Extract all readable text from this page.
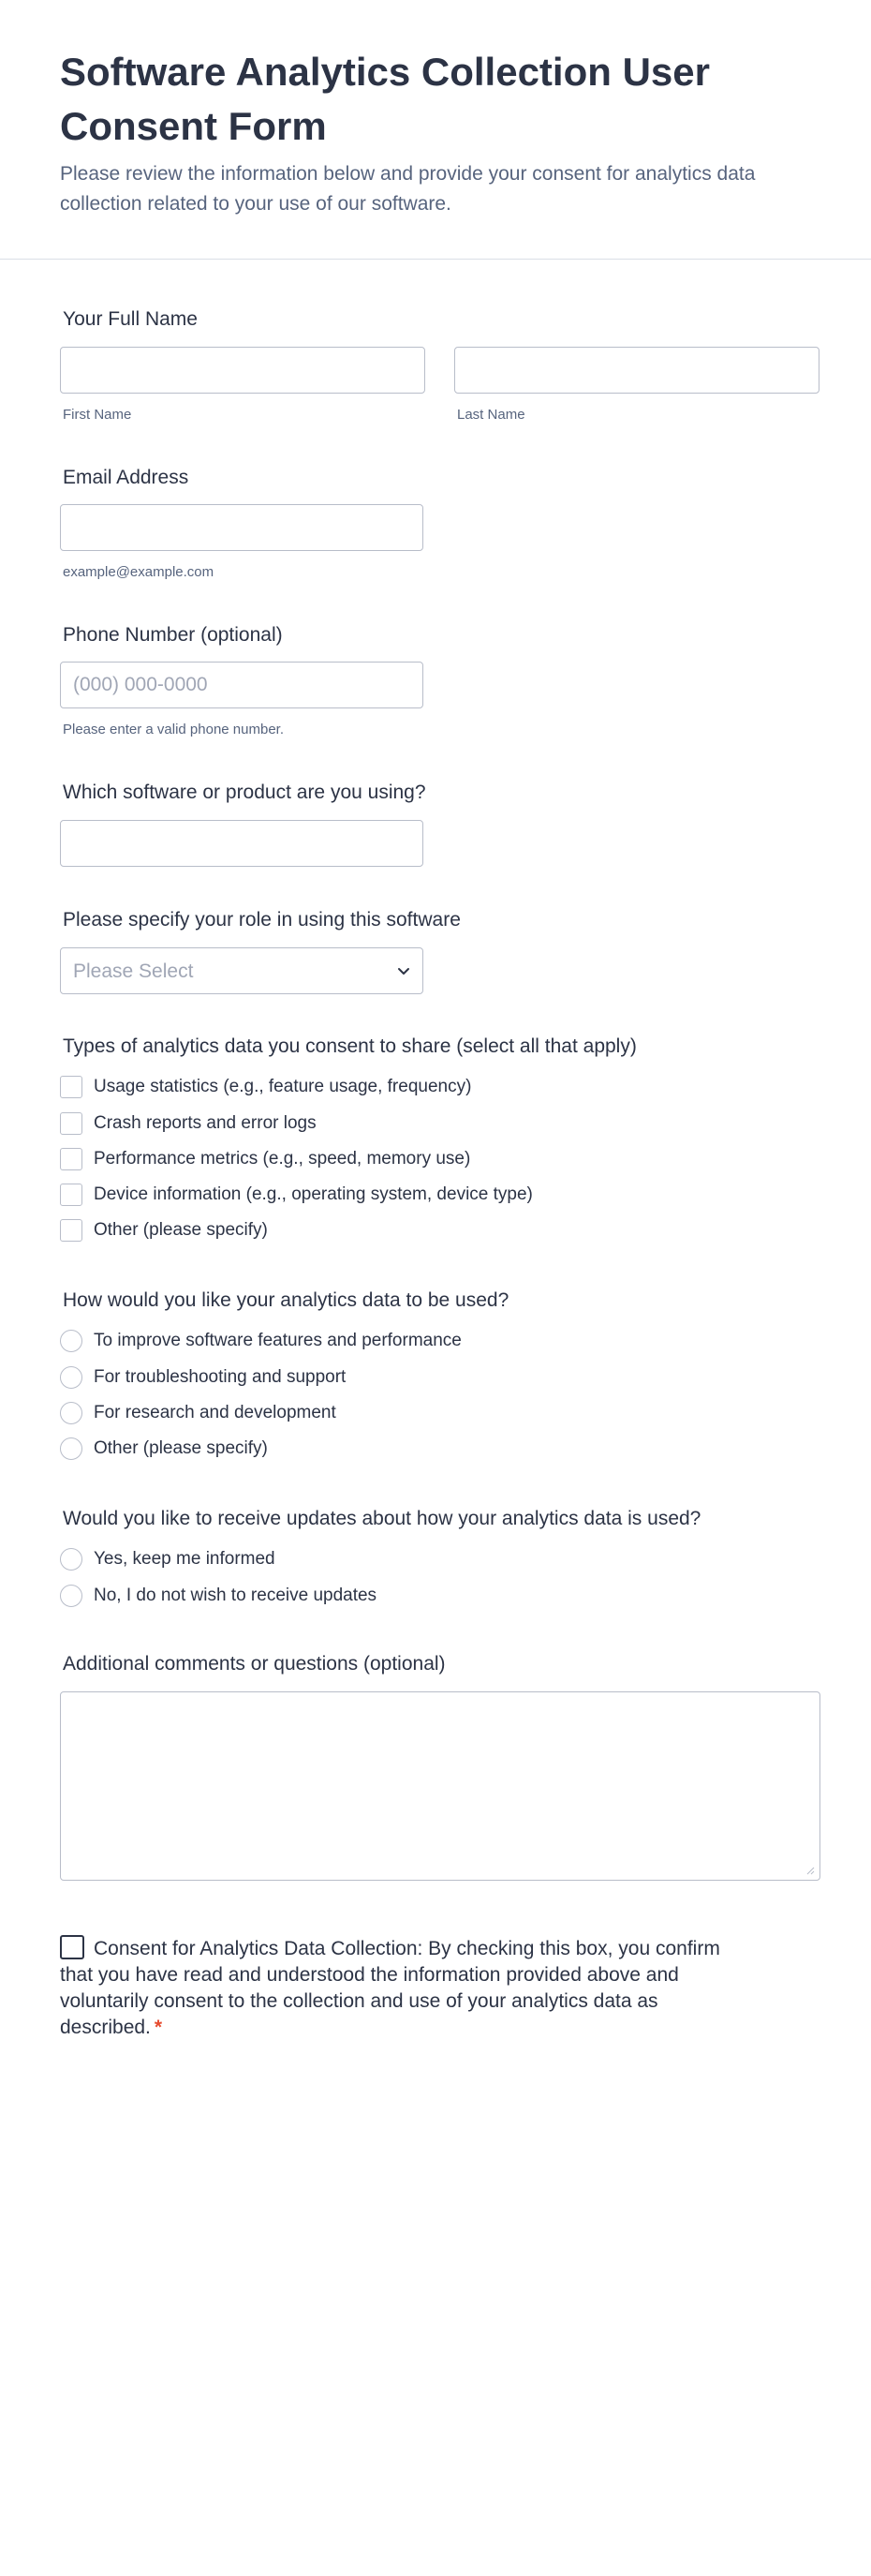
Software Analytics Collection User Consent Form

Please review the information below and provide your consent for analytics data collection related to your use of our software.

Your Full Name
First Name	Last Name
Email Address
example@example.com
Phone Number (optional)
(000) 000-0000
Please enter a valid phone number.
Which software or product are you using?
Please specify your role in using this software
Please Select
Types of analytics data you consent to share (select all that apply)
Usage statistics (e.g., feature usage, frequency)
Crash reports and error logs
Performance metrics (e.g., speed, memory use)
Device information (e.g., operating system, device type)
Other (please specify)
How would you like your analytics data to be used?
To improve software features and performance
For troubleshooting and support
For research and development
Other (please specify)
Would you like to receive updates about how your analytics data is used?
Yes, keep me informed
No, I do not wish to receive updates
Additional comments or questions (optional)
Consent for Analytics Data Collection: By checking this box, you confirm that you have read and understood the information provided above and voluntarily consent to the collection and use of your analytics data as described. *
